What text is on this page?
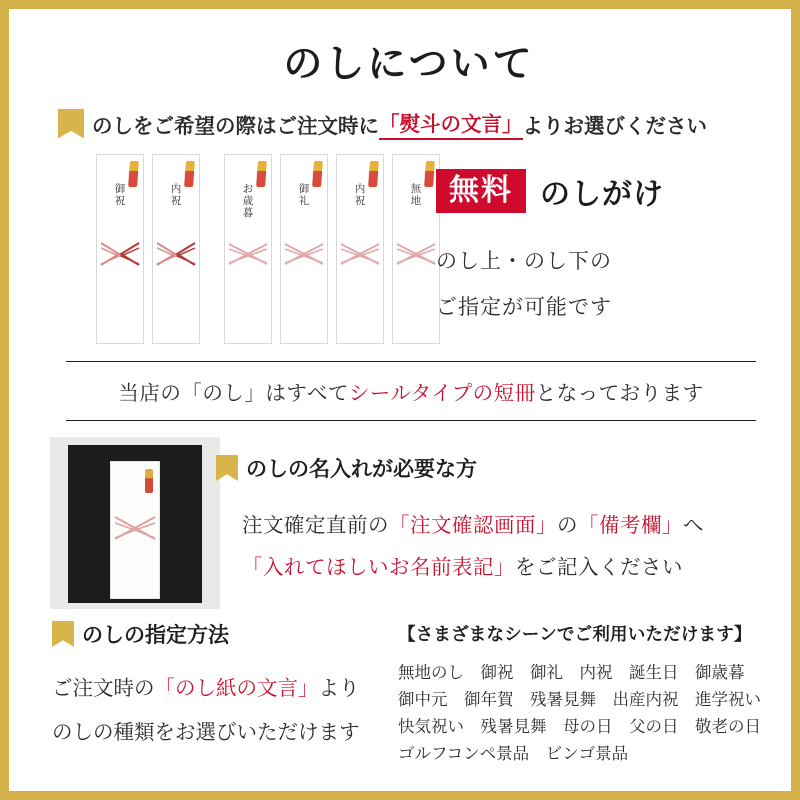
のしについて
のしをご希望の際はご注文時に 「熨斗の文言」 よりお選びください
御
祝
内
祝
お
歳
暮
御
礼
内
祝
無
地 無料 のしがけ
のし上・のし下の
ご指定が可能です
当店の「のし」はすべてシールタイプの短冊となっております
のしの名入れが必要な方
注文確定直前の「注文確認画面」の「備考欄」へ
「入れてほしいお名前表記」をご記入ください
のしの指定方法
ご注文時の「のし紙の文言」より
のしの種類をお選びいただけます
【さまざまなシーンでご利用いただけます】
無地のし　御祝　御礼　内祝　誕生日　御歳暮
御中元　御年賀　残暑見舞　出産内祝　進学祝い
快気祝い　残暑見舞　母の日　父の日　敬老の日
ゴルフコンペ景品　ビンゴ景品
